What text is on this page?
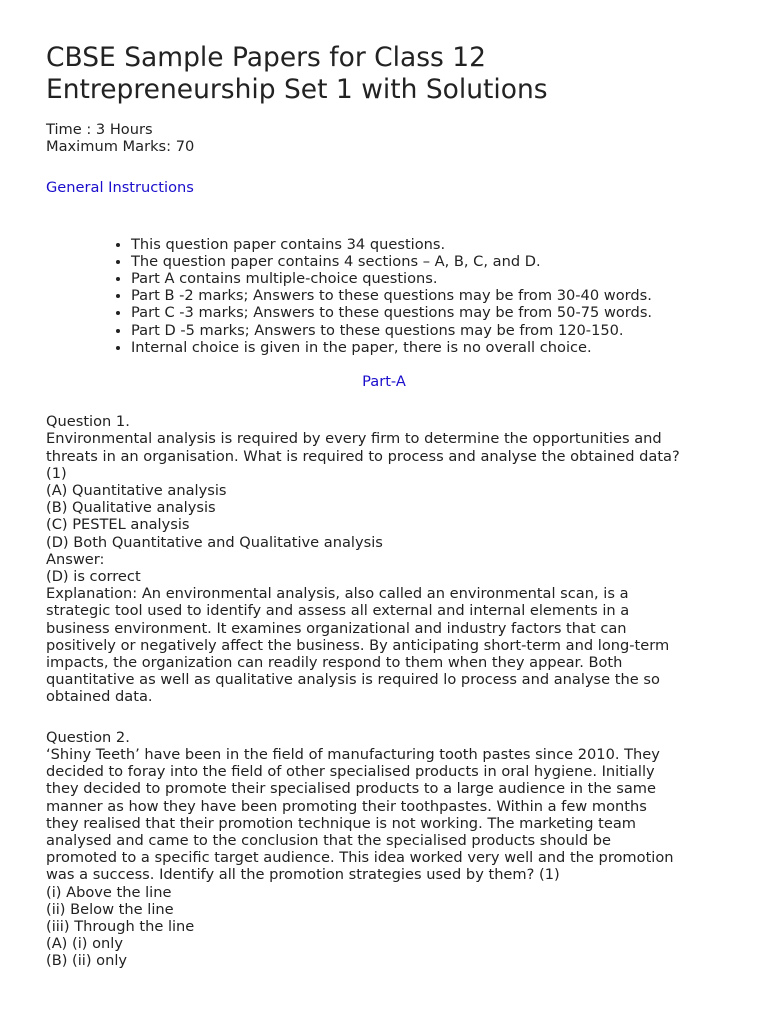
CBSE Sample Papers for Class 12
Entrepreneurship Set 1 with Solutions
Time : 3 Hours
Maximum Marks: 70
General Instructions
• This question paper contains 34 questions.
• The question paper contains 4 sections – A, B, C, and D.
• Part A contains multiple-choice questions.
• Part B -2 marks; Answers to these questions may be from 30-40 words.
• Part C -3 marks; Answers to these questions may be from 50-75 words.
• Part D -5 marks; Answers to these questions may be from 120-150.
• Internal choice is given in the paper, there is no overall choice.
Part-A
Question 1.
Environmental analysis is required by every firm to determine the opportunities and
threats in an organisation. What is required to process and analyse the obtained data?
(1)
(A) Quantitative analysis
(B) Qualitative analysis
(C) PESTEL analysis
(D) Both Quantitative and Qualitative analysis
Answer:
(D) is correct
Explanation: An environmental analysis, also called an environmental scan, is a
strategic tool used to identify and assess all external and internal elements in a
business environment. It examines organizational and industry factors that can
positively or negatively affect the business. By anticipating short-term and long-term
impacts, the organization can readily respond to them when they appear. Both
quantitative as well as qualitative analysis is required lo process and analyse the so
obtained data.
Question 2.
‘Shiny Teeth’ have been in the field of manufacturing tooth pastes since 2010. They
decided to foray into the field of other specialised products in oral hygiene. Initially
they decided to promote their specialised products to a large audience in the same
manner as how they have been promoting their toothpastes. Within a few months
they realised that their promotion technique is not working. The marketing team
analysed and came to the conclusion that the specialised products should be
promoted to a specific target audience. This idea worked very well and the promotion
was a success. Identify all the promotion strategies used by them? (1)
(i) Above the line
(ii) Below the line
(iii) Through the line
(A) (i) only
(B) (ii) only
